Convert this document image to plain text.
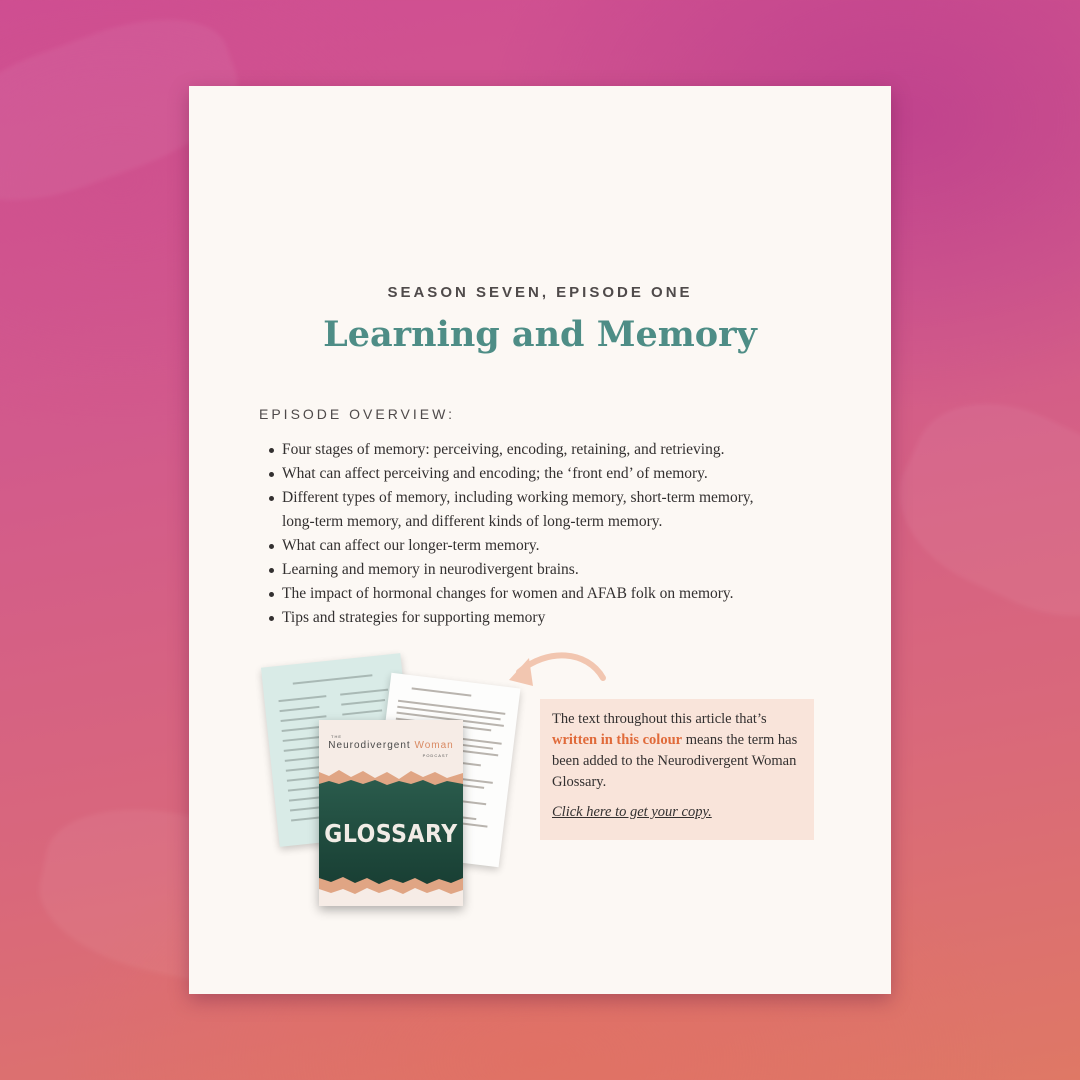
SEASON SEVEN, EPISODE ONE
Learning and Memory
EPISODE OVERVIEW:
Four stages of memory: perceiving, encoding, retaining, and retrieving.
What can affect perceiving and encoding; the ‘front end’ of memory.
Different types of memory, including working memory, short-term memory, long-term memory, and different kinds of long-term memory.
What can affect our longer-term memory.
Learning and memory in neurodivergent brains.
The impact of hormonal changes for women and AFAB folk on memory.
Tips and strategies for supporting memory

The text throughout this article that’s written in this colour means the term has been added to the Neurodivergent Woman Glossary.

Click here to get your copy.
THE
Neurodivergent Woman
PODCAST
GLOSSARY
